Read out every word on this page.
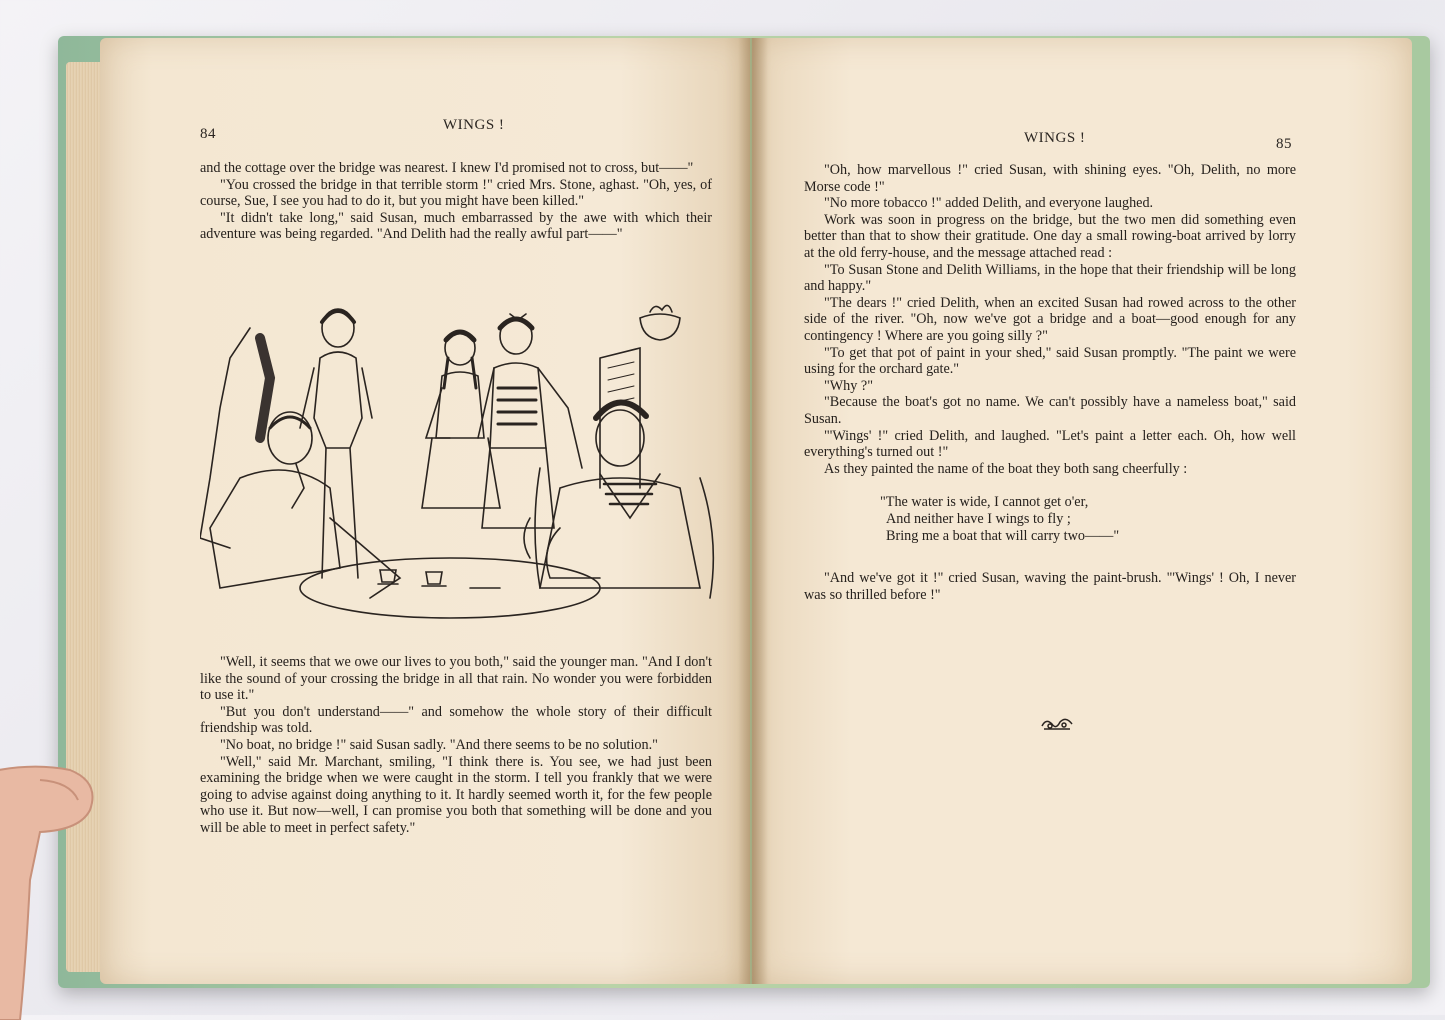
84
WINGS !

and the cottage over the bridge was nearest. I knew I'd promised not to cross, but——"

"You crossed the bridge in that terrible storm !" cried Mrs. Stone, aghast. "Oh, yes, of course, Sue, I see you had to do it, but you might have been killed."

"It didn't take long," said Susan, much embarrassed by the awe with which their adventure was being regarded. "And Delith had the really awful part——"

"Well, it seems that we owe our lives to you both," said the younger man. "And I don't like the sound of your crossing the bridge in all that rain. No wonder you were forbidden to use it."

"But you don't understand——" and somehow the whole story of their difficult friendship was told.

"No boat, no bridge !" said Susan sadly. "And there seems to be no solution."

"Well," said Mr. Marchant, smiling, "I think there is. You see, we had just been examining the bridge when we were caught in the storm. I tell you frankly that we were going to advise against doing anything to it. It hardly seemed worth it, for the few people who use it. But now—well, I can promise you both that something will be done and you will be able to meet in perfect safety."

WINGS !	85

"Oh, how marvellous !" cried Susan, with shining eyes. "Oh, Delith, no more Morse code !"

"No more tobacco !" added Delith, and everyone laughed.

Work was soon in progress on the bridge, but the two men did something even better than that to show their gratitude. One day a small rowing-boat arrived by lorry at the old ferry-house, and the message attached read :

"To Susan Stone and Delith Williams, in the hope that their friendship will be long and happy."

"The dears !" cried Delith, when an excited Susan had rowed across to the other side of the river. "Oh, now we've got a bridge and a boat—good enough for any contingency ! Where are you going silly ?"

"To get that pot of paint in your shed," said Susan promptly. "The paint we were using for the orchard gate."

"Why ?"

"Because the boat's got no name. We can't possibly have a nameless boat," said Susan.

"'Wings' !" cried Delith, and laughed. "Let's paint a letter each. Oh, how well everything's turned out !"

As they painted the name of the boat they both sang cheerfully :

"The water is wide, I cannot get o'er,
And neither have I wings to fly ;
Bring me a boat that will carry two——"

"And we've got it !" cried Susan, waving the paint-brush. "'Wings' ! Oh, I never was so thrilled before !"
